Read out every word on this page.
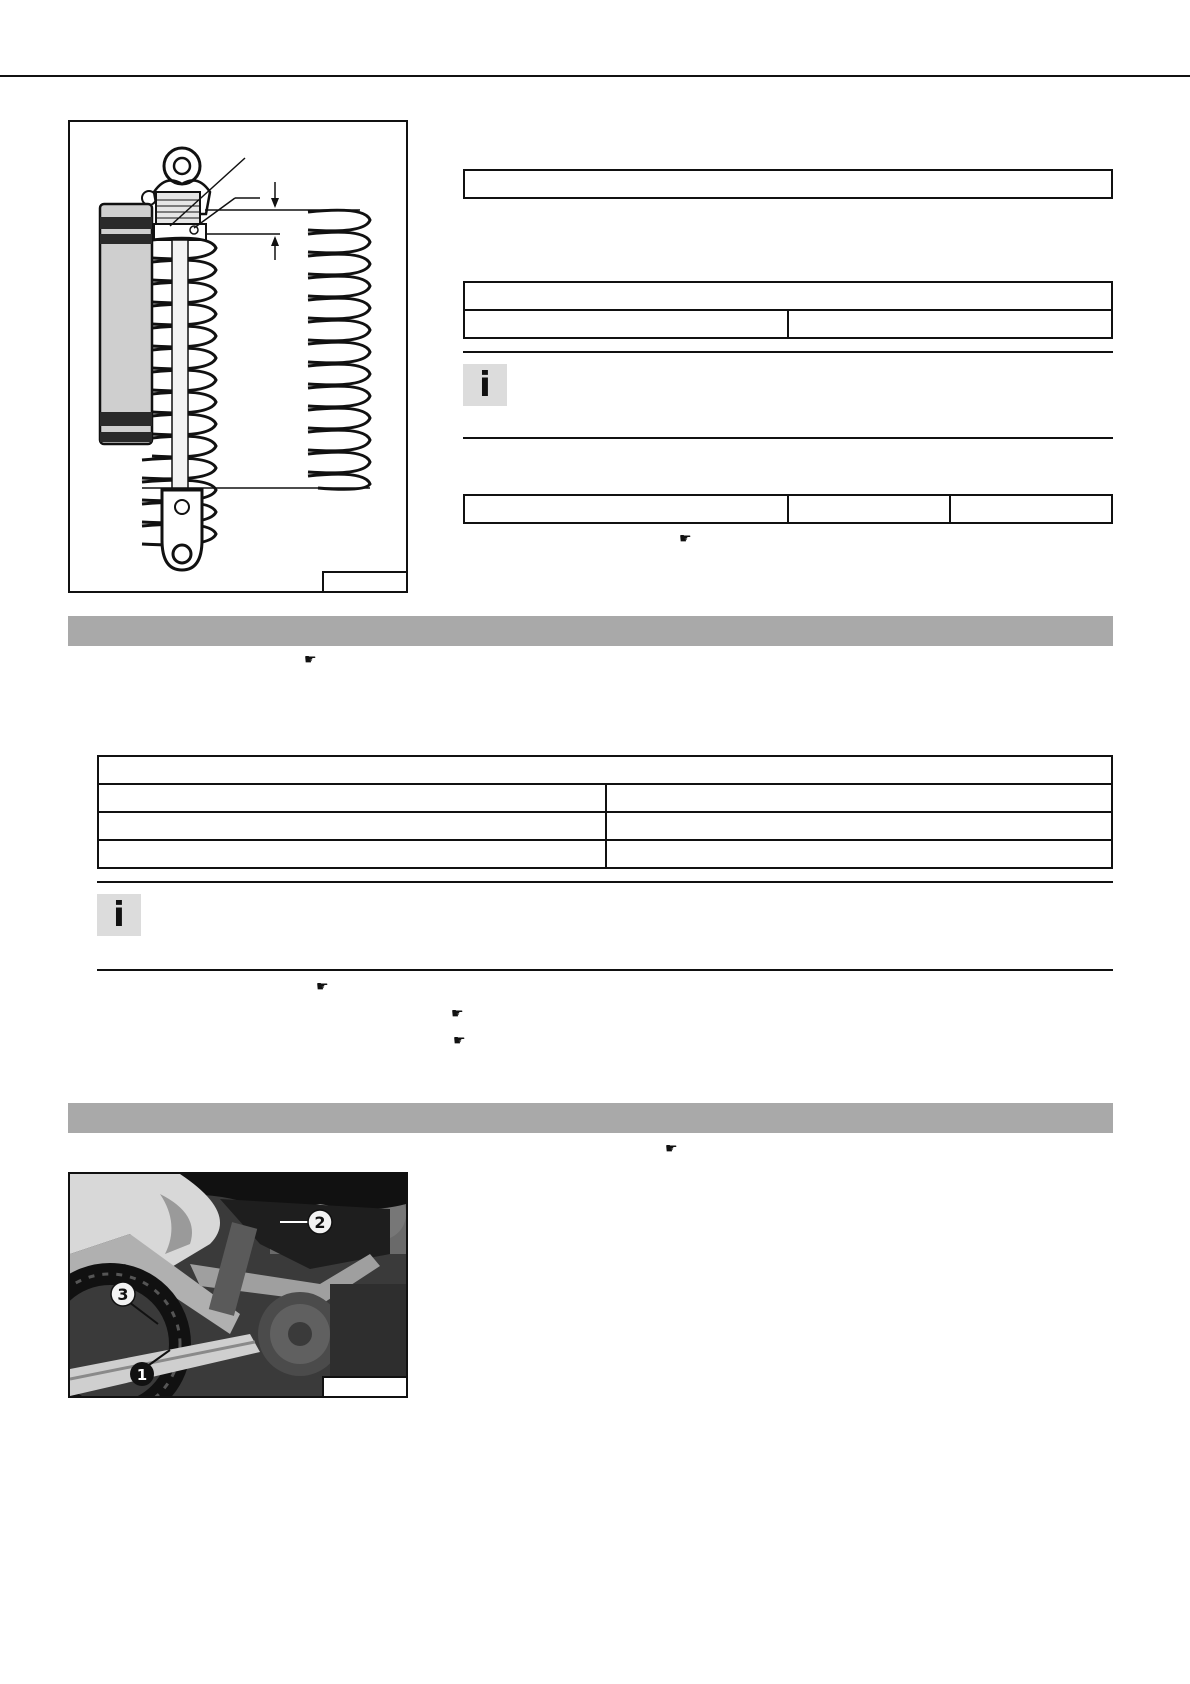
i
☛
☛
i
☛
☛
☛
☛
1
2
3
